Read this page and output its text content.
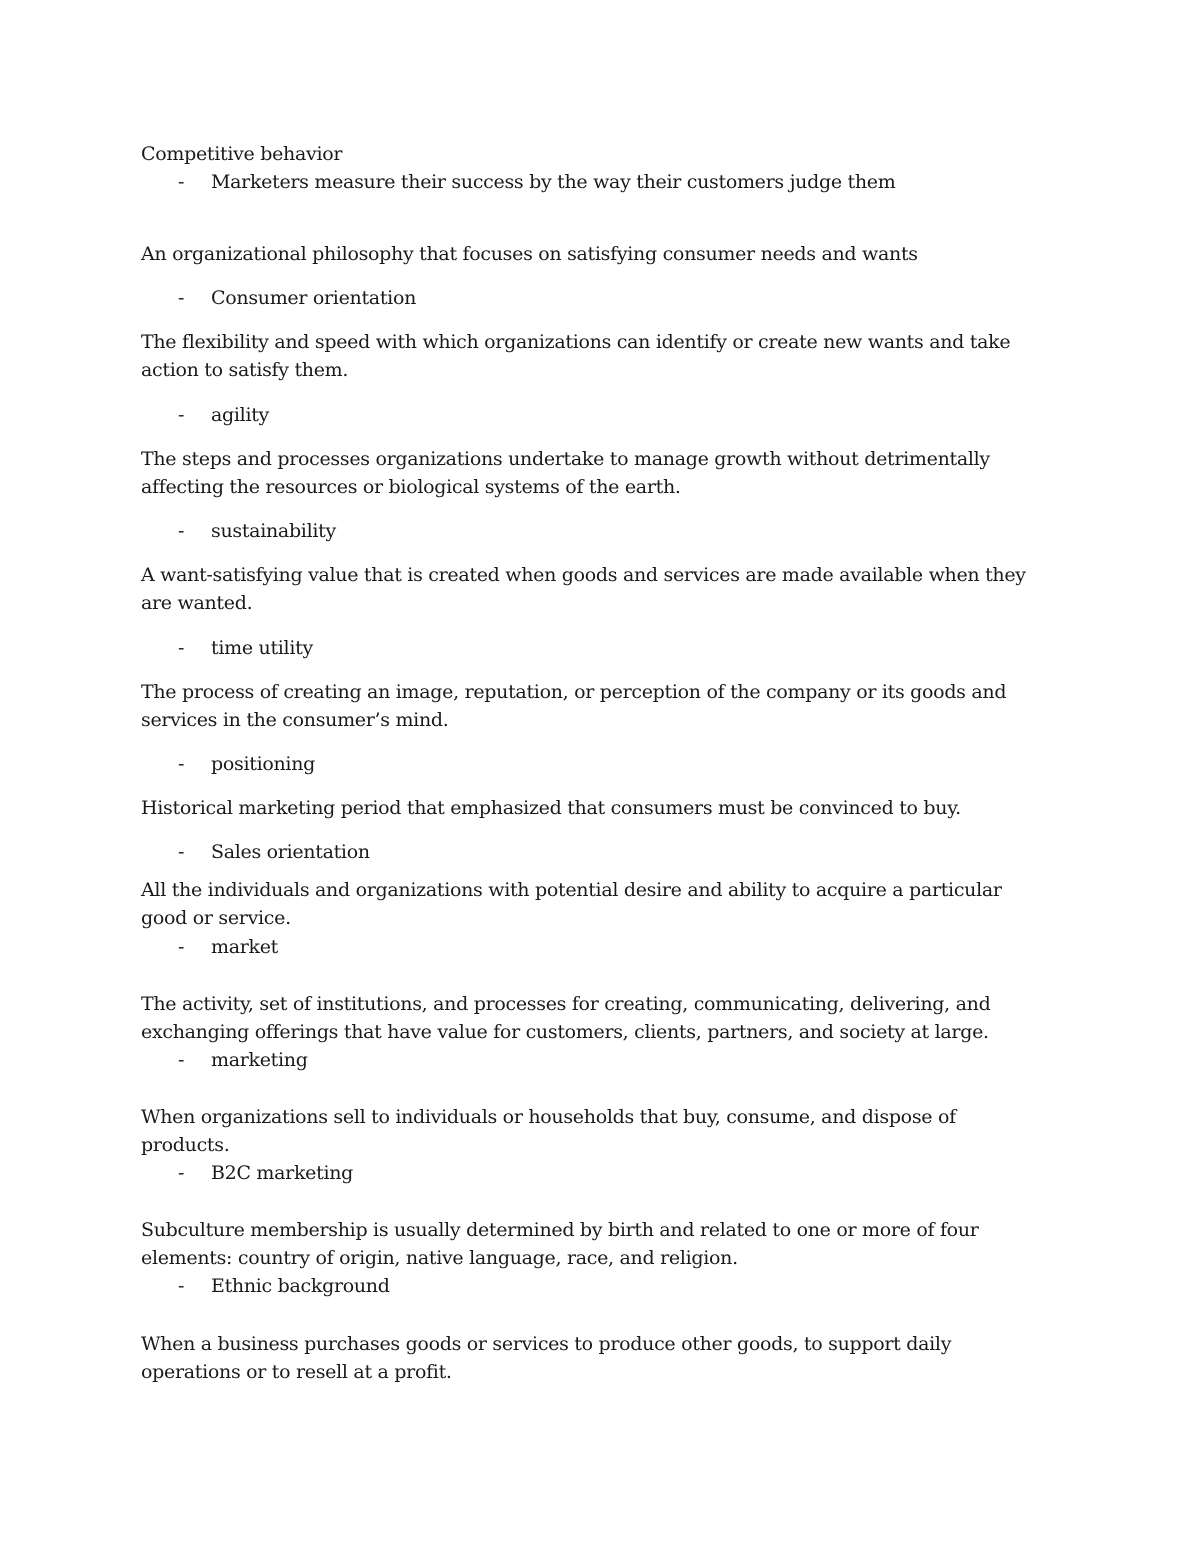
Competitive behavior

- Marketers measure their success by the way their customers judge them

An organizational philosophy that focuses on satisfying consumer needs and wants

- Consumer orientation

The flexibility and speed with which organizations can identify or create new wants and take

action to satisfy them.

- agility

The steps and processes organizations undertake to manage growth without detrimentally

affecting the resources or biological systems of the earth.

- sustainability

A want-satisfying value that is created when goods and services are made available when they

are wanted.

- time utility

The process of creating an image, reputation, or perception of the company or its goods and

services in the consumer’s mind.

- positioning

Historical marketing period that emphasized that consumers must be convinced to buy.

- Sales orientation

All the individuals and organizations with potential desire and ability to acquire a particular

good or service.

- market

The activity, set of institutions, and processes for creating, communicating, delivering, and

exchanging offerings that have value for customers, clients, partners, and society at large.

- marketing

When organizations sell to individuals or households that buy, consume, and dispose of

products.

- B2C marketing

Subculture membership is usually determined by birth and related to one or more of four

elements: country of origin, native language, race, and religion.

- Ethnic background

When a business purchases goods or services to produce other goods, to support daily

operations or to resell at a profit.
